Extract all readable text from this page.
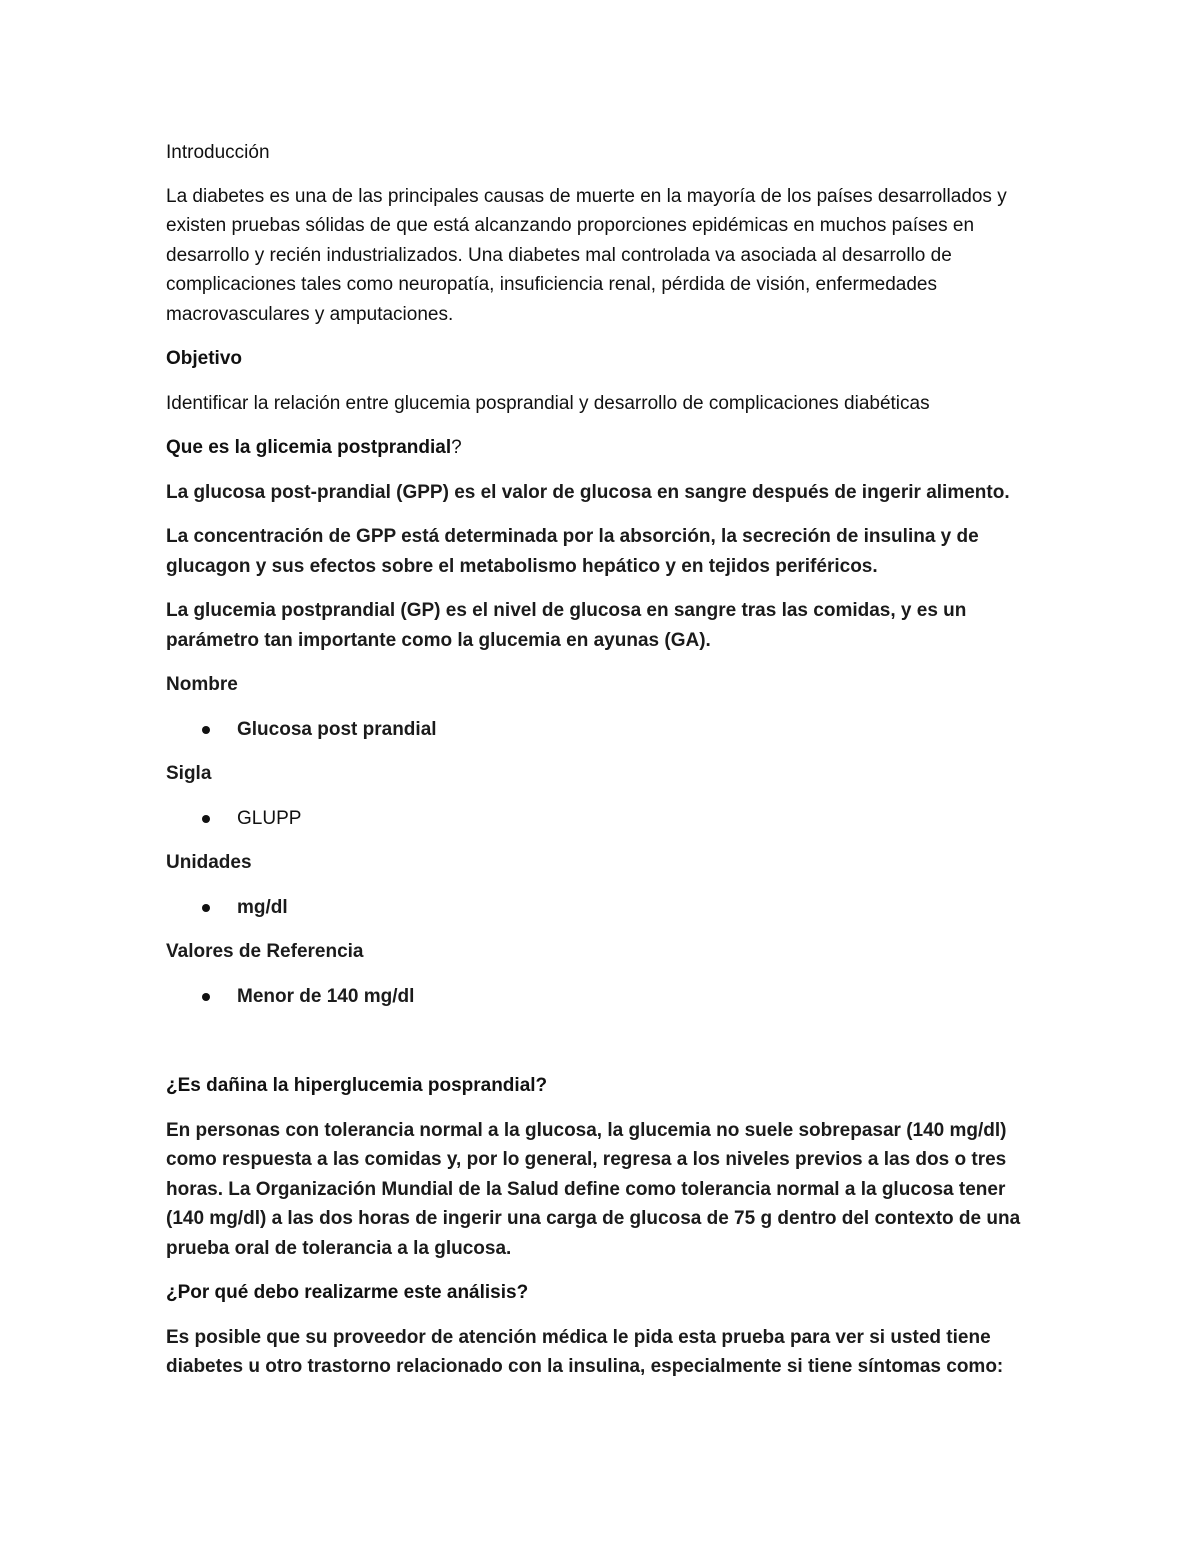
Introducción

La diabetes es una de las principales causas de muerte en la mayoría de los países desarrollados y existen pruebas sólidas de que está alcanzando proporciones epidémicas en muchos países en desarrollo y recién industrializados. Una diabetes mal controlada va asociada al desarrollo de complicaciones tales como neuropatía, insuficiencia renal, pérdida de visión, enfermedades macrovasculares y amputaciones.

Objetivo

Identificar la relación entre glucemia posprandial y desarrollo de complicaciones diabéticas

Que es la glicemia postprandial?

La glucosa post-prandial (GPP) es el valor de glucosa en sangre después de ingerir alimento.

La concentración de GPP está determinada por la absorción, la secreción de insulina y de glucagon y sus efectos sobre el metabolismo hepático y en tejidos periféricos.

La glucemia postprandial (GP) es el nivel de glucosa en sangre tras las comidas, y es un parámetro tan importante como la glucemia en ayunas (GA).

Nombre

Glucosa post prandial

Sigla

GLUPP

Unidades

mg/dl

Valores de Referencia

Menor de 140 mg/dl

¿Es dañina la hiperglucemia posprandial?

En personas con tolerancia normal a la glucosa, la glucemia no suele sobrepasar (140 mg/dl) como respuesta a las comidas y, por lo general, regresa a los niveles previos a las dos o tres horas. La Organización Mundial de la Salud define como tolerancia normal a la glucosa tener (140 mg/dl) a las dos horas de ingerir una carga de glucosa de 75 g dentro del contexto de una prueba oral de tolerancia a la glucosa.

¿Por qué debo realizarme este análisis?

Es posible que su proveedor de atención médica le pida esta prueba para ver si usted tiene diabetes u otro trastorno relacionado con la insulina, especialmente si tiene síntomas como:
